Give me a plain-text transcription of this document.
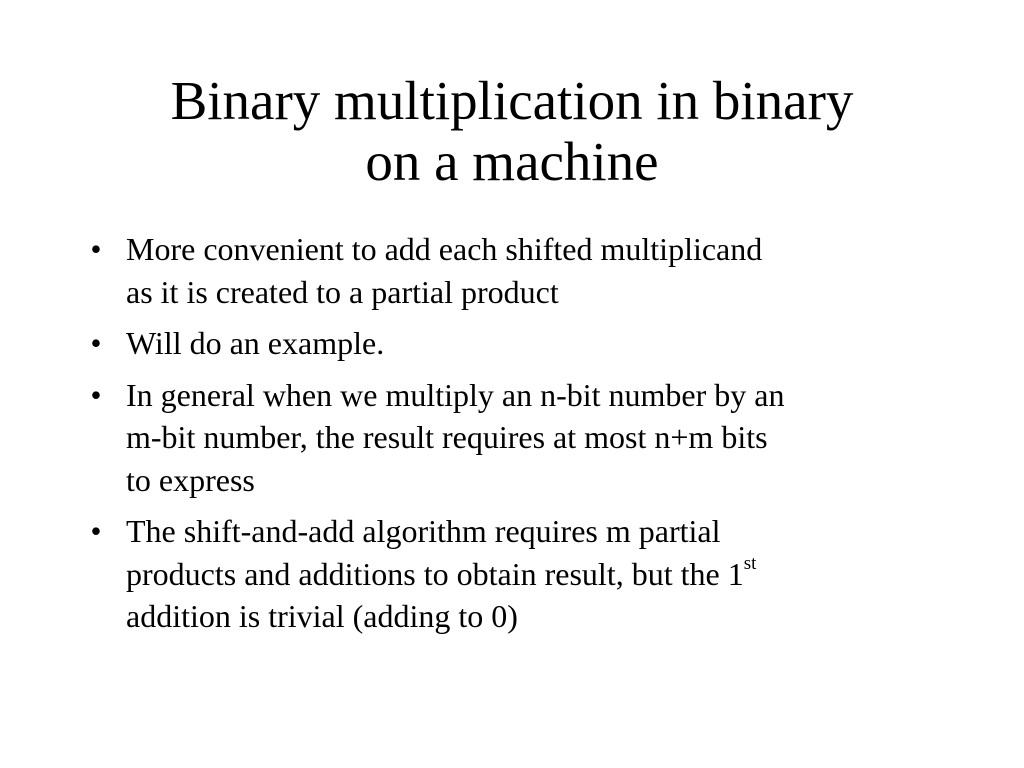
Binary multiplication in binary
on a machine
• More convenient to add each shifted multiplicand
as it is created to a partial product
• Will do an example.
• In general when we multiply an n-bit number by an
m-bit number, the result requires at most n+m bits
to express
• The shift-and-add algorithm requires m partial
products and additions to obtain result, but the 1st
addition is trivial (adding to 0)
